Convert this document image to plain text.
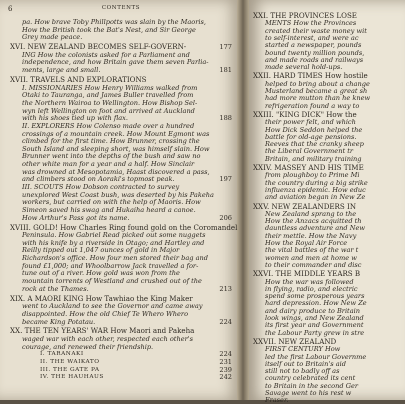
6	CONTENTS
pa. How brave Toby Phillpotts was slain by the Maoris,
How the British took the Bat's Nest, and Sir George
Grey made peace.
XVI. NEW ZEALAND BECOMES SELF-GOVERN-	177
ING How the colonists asked for a Parliament and
independence, and how Britain gave them seven Parlia-
ments, large and small.	181
XVII. TRAVELS AND EXPLORATIONS
I. MISSIONARIES How Henry Williams walked from
Otaki to Tauranga, and James Buller travelled from
the Northern Wairoa to Wellington. How Bishop Sel-
wyn left Wellington on foot and arrived at Auckland
with his shoes tied up with flax.	188
II. EXPLORERS How Colenso made over a hundred
crossings of a mountain creek. How Mount Egmont was
climbed for the first time. How Brunner, crossing the
South Island and sleeping short, was himself slain. How
Brunner went into the depths of the bush and saw no
other white man for a year and a half. How Sinclair
was drowned at Mesopotamia, Haast discovered a pass,
and climbers stood on Aoraki's topmost peak.	197
III. SCOUTS How Dobson contracted to survey
unexplored West Coast bush, was deserted by his Pakeha
workers, but carried on with the help of Maoris. How
Simeon saved his swag and Hukaiha heard a canoe.
How Arthur's Pass got its name.	206
XVIII. GOLD! How Charles Ring found gold on the Coromandel
Peninsula. How Gabriel Read picked out some nuggets
with his knife by a riverside in Otago; and Hartley and
Reilly tipped out 1,047 ounces of gold in Major
Richardson's office. How four men stored their bag and
found £1,000; and Whoolbarrow Jack travelled a for-
tune out of a river. How gold was won from the
mountain torrents of Westland and crushed out of the
rock at the Thames.	213
XIX. A MAORI KING How Tawhiao the King Maker
went to Auckland to see the Governor and came away
disappointed. How the old Chief Te Whero Whero
became King Potatau.	224
XX. THE TEN YEARS' WAR How Maori and Pakeha
waged war with each other, respected each other's
courage, and renewed their friendship.
I. TARANAKI	224
II. THE WAIKATO	231
III. THE GATE PA	239
IV. THE HAUHAUS	242
XXI. THE PROVINCES LOSE
MENTS How the Provinces
created their waste money wit
to self-interest, and were ac
started a newspaper, pounds
bound twenty million pounds,
and made roads and railways
made several hold-ups.
XXII. HARD TIMES How hostile
helped to bring about a change
Musterland became a great sh
had more mutton than he knew
refrigeration found a way to
XXIII. "KING DICK" How the
their power felt, and which
How Dick Seddon helped the
battle for old-age pensions.
Reeves that the cranky sheep
the Liberal Government tr
Britain, and military training
XXIV. MASSEY AND HIS TIME
from ploughboy to Prime Mi
the country during a big strike
influenza epidemic. How educ
and aviation began in New Ze
XXV. NEW ZEALANDERS IN
New Zealand sprang to the
How the Anzacs acquitted th
dauntless adventure and New
their mettle. How the Navy
How the Royal Air Force
the vital battles of the war t
women and men at home w
to their commander and disc
XXVI. THE MIDDLE YEARS B
How the war was followed
in flying, radio, and electric
spend some prosperous years
hard depression. How New Ze
and dairy produce to Britain
look wings, and New Zealand
its first year and Government
the Labour Party grew in stre
XXVII. NEW ZEALAND
FIRST CENTURY How
led the first Labour Governme
itself out to Britain's aid
still not to badly off as
country celebrated its cent
to Britain in the second Ger
Savage went to his rest w
Fraser.
